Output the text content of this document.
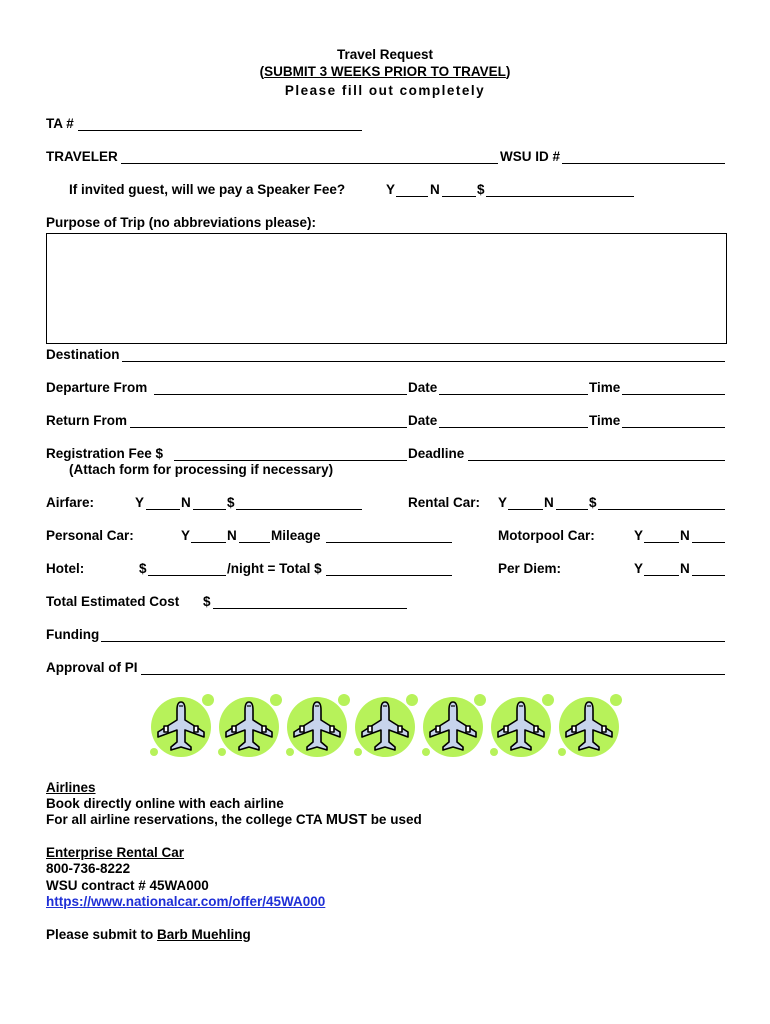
Travel Request
(SUBMIT 3 WEEKS PRIOR TO TRAVEL)
Please fill out completely
TA #
TRAVELER	WSU ID #
If invited guest, will we pay a Speaker Fee?	Y	N	$
Purpose of Trip (no abbreviations please):
Destination
Departure From	Date	Time
Return From	Date	Time
Registration Fee $	Deadline
(Attach form for processing if necessary)
Airfare:	Y	N	$	Rental Car: Y	N	$
Personal Car:	Y	N	Mileage	Motorpool Car:	Y	N
Hotel:	$	/night = Total $	Per Diem:	Y	N
Total Estimated Cost $
Funding
Approval of PI
Airlines
Book directly online with each airline
For all airline reservations, the college CTA MUST be used
Enterprise Rental Car
800-736-8222
WSU contract # 45WA000
https://www.nationalcar.com/offer/45WA000
Please submit to Barb Muehling
